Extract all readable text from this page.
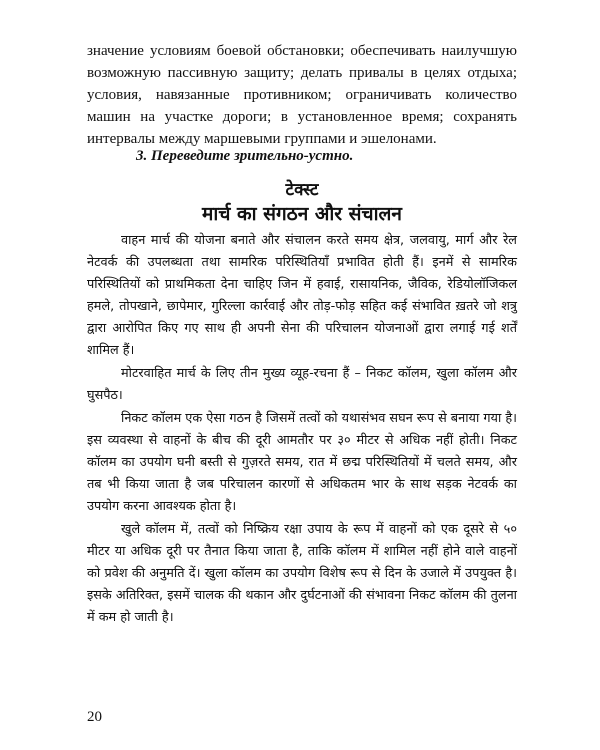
значение условиям боевой обстановки; обеспечивать наилучшую возможную пассивную защиту; делать привалы в целях отдыха; условия, навязанные противником; ограничивать количество машин на участке дороги; в установленное время; сохранять интервалы между маршевыми группами и эшелонами.
3. Переведите зрительно-устно.
टेक्स्ट
मार्च का संगठन और संचालन

वाहन मार्च की योजना बनाते और संचालन करते समय क्षेत्र, जलवायु, मार्ग और रेल नेटवर्क की उपलब्धता तथा सामरिक परिस्थितियाँ प्रभावित होती हैं। इनमें से सामरिक परिस्थितियों को प्राथमिकता देना चाहिए जिन में हवाई, रासायनिक, जैविक, रेडियोलॉजिकल हमले, तोपखाने, छापेमार, गुरिल्ला कार्रवाई और तोड़-फोड़ सहित कई संभावित ख़तरे जो शत्रु द्वारा आरोपित किए गए साथ ही अपनी सेना की परिचालन योजनाओं द्वारा लगाई गई शर्तें शामिल हैं।

मोटरवाहित मार्च के लिए तीन मुख्य व्यूह-रचना हैं – निकट कॉलम, खुला कॉलम और घुसपैठ।

निकट कॉलम एक ऐसा गठन है जिसमें तत्वों को यथासंभव सघन रूप से बनाया गया है। इस व्यवस्था से वाहनों के बीच की दूरी आमतौर पर ३० मीटर से अधिक नहीं होती। निकट कॉलम का उपयोग घनी बस्ती से गुज़रते समय, रात में छद्म परिस्थितियों में चलते समय, और तब भी किया जाता है जब परिचालन कारणों से अधिकतम भार के साथ सड़क नेटवर्क का उपयोग करना आवश्यक होता है।

खुले कॉलम में, तत्वों को निष्क्रिय रक्षा उपाय के रूप में वाहनों को एक दूसरे से ५० मीटर या अधिक दूरी पर तैनात किया जाता है, ताकि कॉलम में शामिल नहीं होने वाले वाहनों को प्रवेश की अनुमति दें। खुला कॉलम का उपयोग विशेष रूप से दिन के उजाले में उपयुक्त है। इसके अतिरिक्त, इसमें चालक की थकान और दुर्घटनाओं की संभावना निकट कॉलम की तुलना में कम हो जाती है।

20
